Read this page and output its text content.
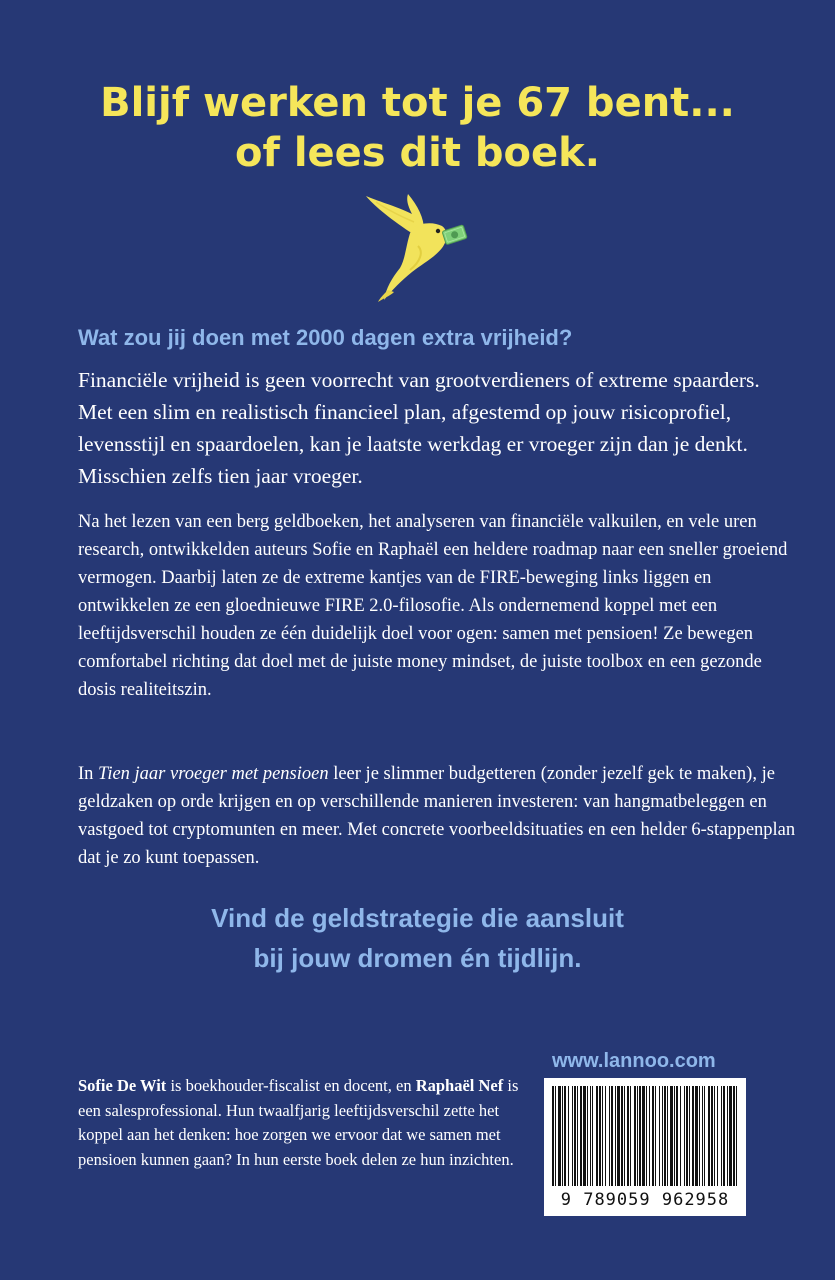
Blijf werken tot je 67 bent...
of lees dit boek.
Wat zou jij doen met 2000 dagen extra vrijheid?
Financiële vrijheid is geen voorrecht van grootverdieners of extreme spaarders. Met een slim en realistisch financieel plan, afgestemd op jouw risicoprofiel, levensstijl en spaardoelen, kan je laatste werkdag er vroeger zijn dan je denkt. Misschien zelfs tien jaar vroeger.
Na het lezen van een berg geldboeken, het analyseren van financiële valkuilen, en vele uren research, ontwikkelden auteurs Sofie en Raphaël een heldere roadmap naar een sneller groeiend vermogen. Daarbij laten ze de extreme kantjes van de FIRE-beweging links liggen en ontwikkelen ze een gloednieuwe FIRE 2.0-filosofie. Als ondernemend koppel met een leeftijdsverschil houden ze één duidelijk doel voor ogen: samen met pensioen! Ze bewegen comfortabel richting dat doel met de juiste money mindset, de juiste toolbox en een gezonde dosis realiteitszin.
In Tien jaar vroeger met pensioen leer je slimmer budgetteren (zonder jezelf gek te maken), je geldzaken op orde krijgen en op verschillende manieren investeren: van hangmatbeleggen en vastgoed tot cryptomunten en meer. Met concrete voorbeeldsituaties en een helder 6-stappenplan dat je zo kunt toepassen.
Vind de geldstrategie die aansluit
bij jouw dromen én tijdlijn.
Sofie De Wit is boekhouder-fiscalist en docent, en Raphaël Nef is een salesprofessional. Hun twaalfjarig leeftijdsverschil zette het koppel aan het denken: hoe zorgen we ervoor dat we samen met pensioen kunnen gaan? In hun eerste boek delen ze hun inzichten.
www.lannoo.com
9 789059 962958
